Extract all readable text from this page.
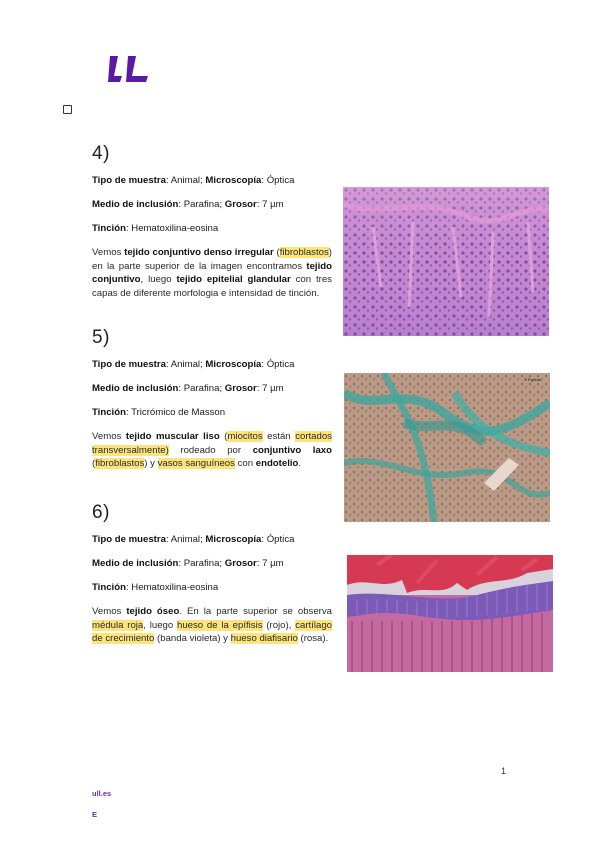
4)

Tipo de muestra: Animal; Microscopía: Óptica

Medio de inclusión: Parafina; Grosor: 7 µm

Tinción: Hematoxilina-eosina

Vemos tejido conjuntivo denso irregular (fibroblastos) en la parte superior de la imagen encontramos tejido conjuntivo, luego tejido epitelial glandular con tres capas de diferente morfologia e intensidad de tinción.

5)

Tipo de muestra: Animal; Microscopía: Óptica

Medio de inclusión: Parafina; Grosor: 7 µm

Tinción: Tricrómico de Masson

Vemos tejido muscular liso (miocitos están cortados transversalmente) rodeado por conjuntivo laxo (fibroblastos) y vasos sanguíneos con endotelio.

X Figuras

6)

Tipo de muestra: Animal; Microscopía: Óptica

Medio de inclusión: Parafina; Grosor: 7 µm

Tinción: Hematoxilina-eosina

Vemos tejido óseo. En la parte superior se observa médula roja, luego hueso de la epífisis (rojo), cartílago de crecimiento (banda violeta) y hueso diafisario (rosa).

1
ull.es
E
